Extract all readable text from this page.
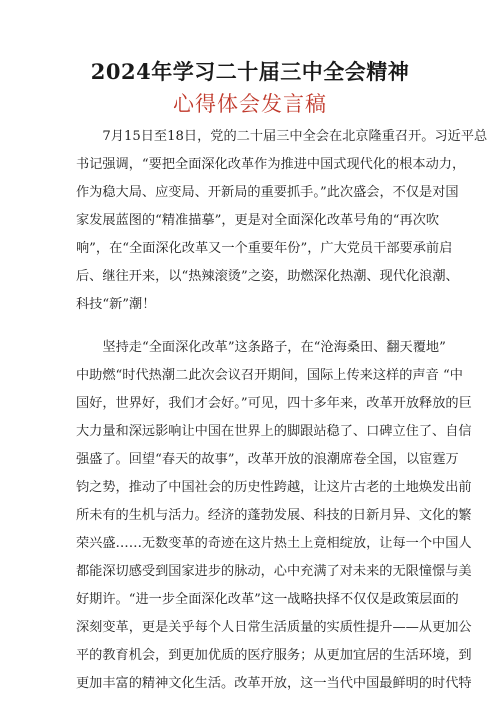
2024年学习二十届三中全会精神
心得体会发言稿
7月15日至18日，党的二十届三中全会在北京隆重召开。习近平总
书记强调，“要把全面深化改革作为推进中国式现代化的根本动力，
作为稳大局、应变局、开新局的重要抓手。”此次盛会，不仅是对国
家发展蓝图的“精准描摹”，更是对全面深化改革号角的“再次吹
响”，在“全面深化改革又一个重要年份”，广大党员干部要承前启
后、继往开来，以“热辣滚烫”之姿，助燃深化热潮、现代化浪潮、
科技“新”潮！
坚持走“全面深化改革”这条路子，在“沧海桑田、翻天覆地”
中助燃“时代热潮二此次会议召开期间，国际上传来这样的声音 “中
国好，世界好，我们才会好。”可见，四十多年来，改革开放释放的巨
大力量和深远影响让中国在世界上的脚跟站稳了、口碑立住了、自信
强盛了。回望“春天的故事”，改革开放的浪潮席卷全国，以宦霆万
钧之势，推动了中国社会的历史性跨越，让这片古老的土地焕发出前
所未有的生机与活力。经济的蓬勃发展、科技的日新月异、文化的繁
荣兴盛……无数变革的奇迹在这片热土上竟相绽放，让每一个中国人
都能深切感受到国家进步的脉动，心中充满了对未来的无限憧憬与美
好期许。“进一步全面深化改革”这一战略抉择不仅仅是政策层面的
深刻变革，更是关乎每个人日常生活质量的实质性提升——从更加公
平的教育机会，到更加优质的医疗服务；从更加宜居的生活环境，到
更加丰富的精神文化生活。改革开放，这一当代中国最鲜明的时代特
